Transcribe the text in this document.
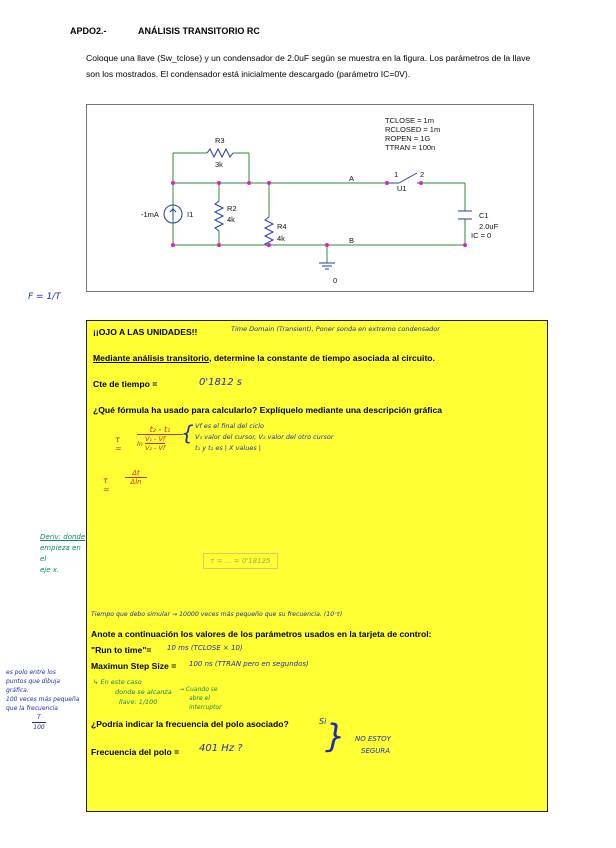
APDO2.-	ANÁLISIS TRANSITORIO RC
Coloque una llave (Sw_tclose) y un condensador de 2.0uF según se muestra en la figura. Los parámetros de la llave son los mostrados. El condensador está inicialmente descargado (parámetro IC=0V).
TCLOSE = 1m
RCLOSED = 1m
ROPEN = 1G
TTRAN = 100n
-1mA	I1
R3
3k
R2
4k
R4
4k
A
B
1	2
U1
C1
2.0uF
IC = 0
0
F = 1/T
Deriv: donde
empieza en el
eje x.
es polo entre los
puntos que dibuja
gráfica.
100 veces más pequeña
que la frecuencia
T
100
¡¡OJO A LAS UNIDADES!!	Time Domain (Transient), Poner sonda en extremo condensador
Mediante análisis transitorio, determine la constante de tiempo asociada al circuito.
Cte de tiempo =	0'1812 s
¿Qué fórmula ha usado para calcularlo? Explíquelo mediante una descripción gráfica
τ =
t₂ - t₁
ln
V₁ - Vf
V₂ - Vf
{ Vf es el final del ciclo
V₁ valor del cursor, V₂ valor del otro cursor
t₁ y t₂ es | X values |
τ =
Δt
Δln
τ = … = 0'18125
Tiempo que debo simular → 10000 veces más pequeño que su frecuencia. (10·τ)
Anote a continuación los valores de los parámetros usados en la tarjeta de control:
"Run to time"= 10 ms (TCLOSE × 10)
Maximun Step Size = 100 ns (TTRAN pero en segundos)
↳ En este caso
donde se alcanza
llave: 1/100
→ Cuando se
abre el
interruptor
¿Podría indicar la frecuencia del polo asociado?	Si
Frecuencia del polo = 401 Hz ?	} NO ESTOY
SEGURA
